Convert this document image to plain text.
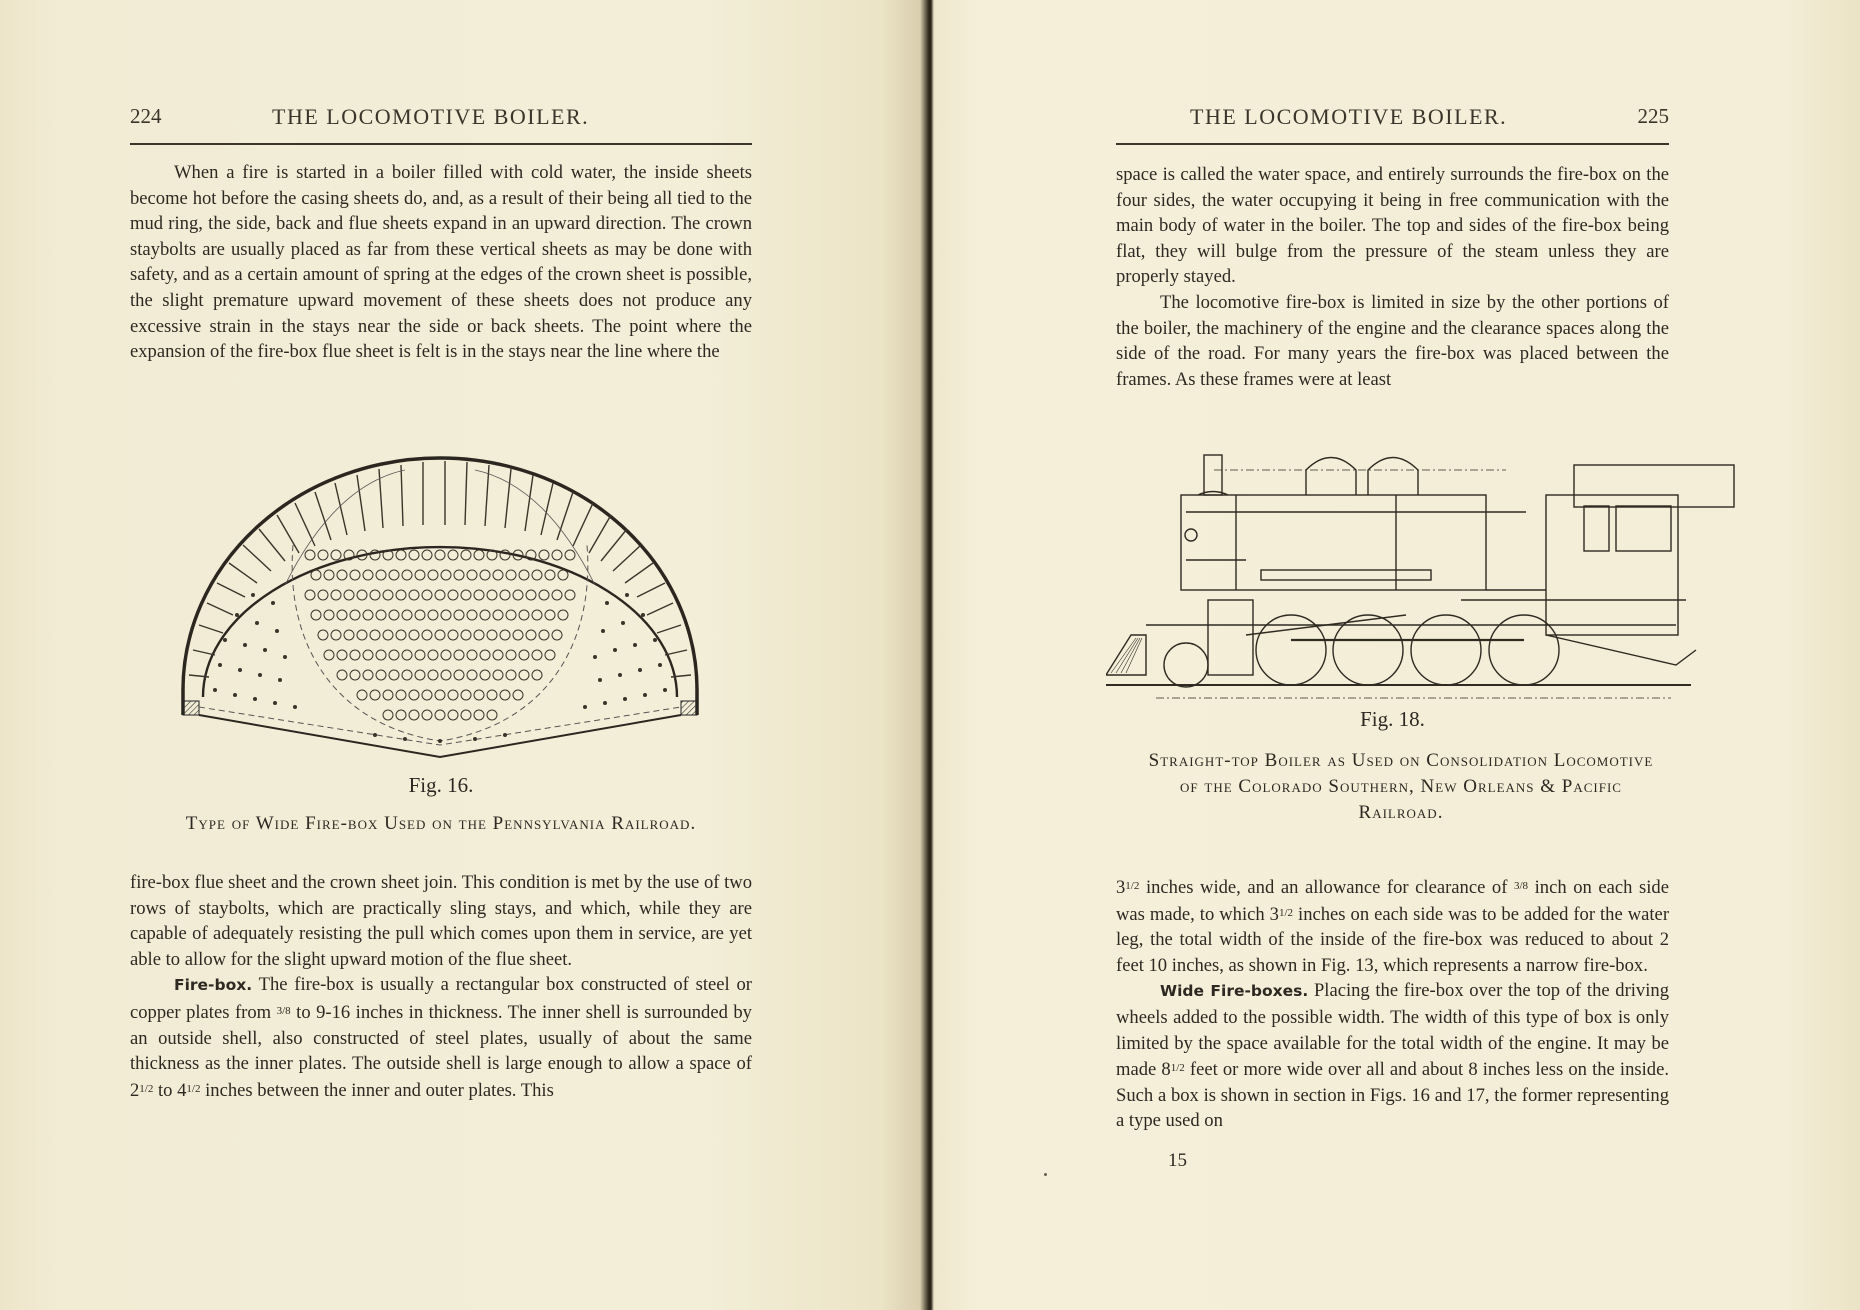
224	THE LOCOMOTIVE BOILER.

When a fire is started in a boiler filled with cold water, the inside sheets become hot before the casing sheets do, and, as a result of their being all tied to the mud ring, the side, back and flue sheets expand in an upward direction. The crown staybolts are usually placed as far from these vertical sheets as may be done with safety, and as a certain amount of spring at the edges of the crown sheet is possible, the slight premature upward movement of these sheets does not produce any excessive strain in the stays near the side or back sheets. The point where the expansion of the fire-box flue sheet is felt is in the stays near the line where the

Fig. 16.
Type of Wide Fire-box Used on the Pennsylvania Railroad.

fire-box flue sheet and the crown sheet join. This condition is met by the use of two rows of staybolts, which are practically sling stays, and which, while they are capable of adequately resisting the pull which comes upon them in service, are yet able to allow for the slight upward motion of the flue sheet.

Fire-box. The fire-box is usually a rectangular box constructed of steel or copper plates from $^{3/8}$ to 9-16 inches in thickness. The inner shell is surrounded by an outside shell, also constructed of steel plates, usually of about the same thickness as the inner plates. The outside shell is large enough to allow a space of $2^{1/2}$ to $4^{1/2}$ inches between the inner and outer plates. This

THE LOCOMOTIVE BOILER.	225

space is called the water space, and entirely surrounds the fire-box on the four sides, the water occupying it being in free communication with the main body of water in the boiler. The top and sides of the fire-box being flat, they will bulge from the pressure of the steam unless they are properly stayed.

The locomotive fire-box is limited in size by the other portions of the boiler, the machinery of the engine and the clearance spaces along the side of the road. For many years the fire-box was placed between the frames. As these frames were at least

Fig. 18.
Straight-top Boiler as Used on Consolidation Locomotive
of the Colorado Southern, New Orleans & Pacific
Railroad.

$3^{1/2}$ inches wide, and an allowance for clearance of $^{3/8}$ inch on each side was made, to which $3^{1/2}$ inches on each side was to be added for the water leg, the total width of the inside of the fire-box was reduced to about 2 feet 10 inches, as shown in Fig. 13, which represents a narrow fire-box.

Wide Fire-boxes. Placing the fire-box over the top of the driving wheels added to the possible width. The width of this type of box is only limited by the space available for the total width of the engine. It may be made $8^{1/2}$ feet or more wide over all and about 8 inches less on the inside. Such a box is shown in section in Figs. 16 and 17, the former representing a type used on

15
